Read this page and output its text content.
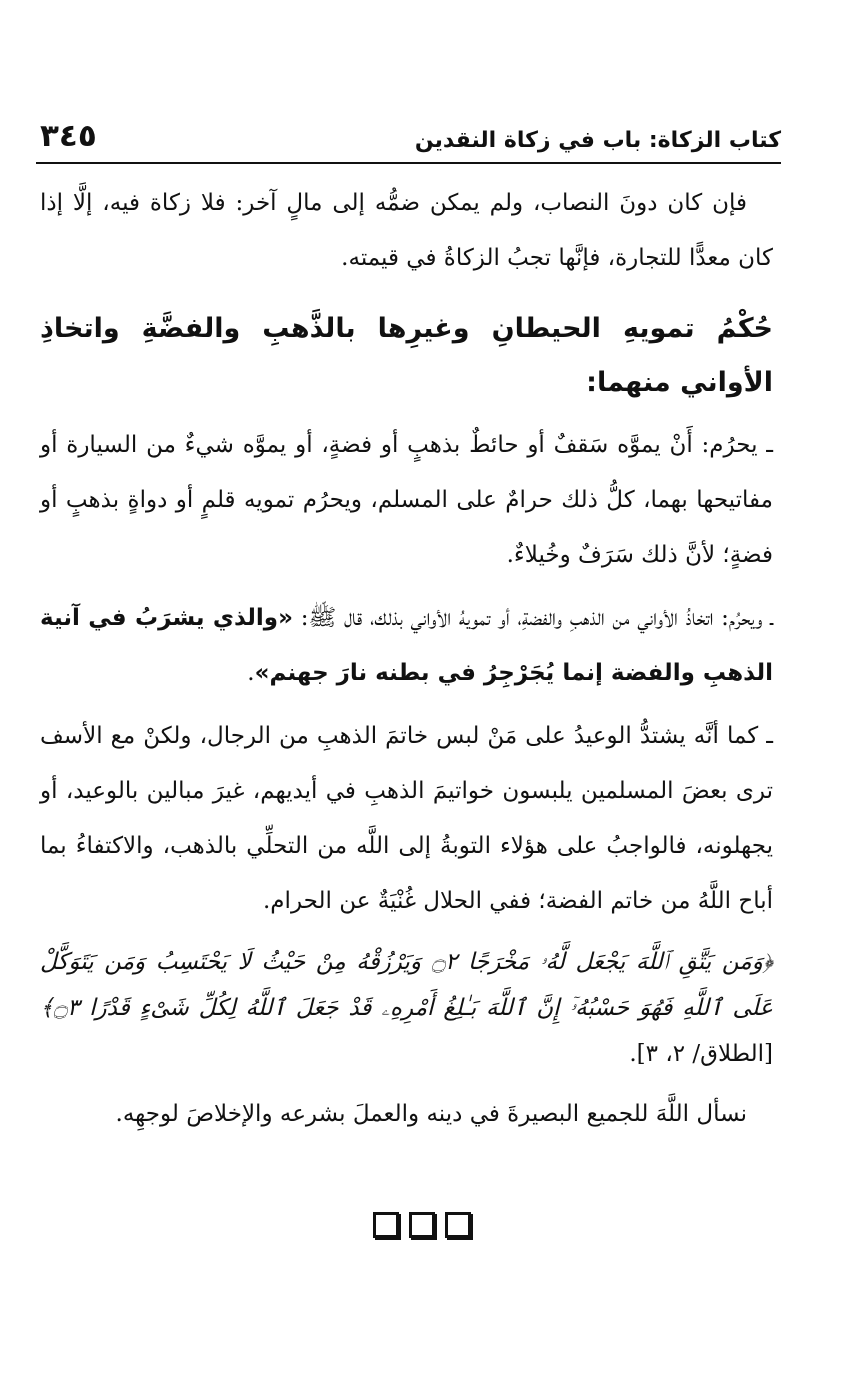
٣٤٥	كتاب الزكاة: باب في زكاة النقدين

فإن كان دونَ النصاب، ولم يمكن ضمُّه إلى مالٍ آخر: فلا زكاة فيه، إلَّا إذا كان معدًّا للتجارة، فإنَّها تجبُ الزكاةُ في قيمته.

حُكْمُ تمويهِ الحيطانِ وغيرِها بالذَّهبِ والفضَّةِ واتخاذِ الأواني منهما:

ـ يحرُم: أَنْ يموَّه سَقفٌ أو حائطٌ بذهبٍ أو فضةٍ، أو يموَّه شيءٌ من السيارة أو مفاتيحها بهما، كلُّ ذلك حرامٌ على المسلم، ويحرُم تمويه قلمٍ أو دواةٍ بذهبٍ أو فضةٍ؛ لأنَّ ذلك سَرَفٌ وخُيلاءٌ.

ـ ويحرُم: اتخاذُ الأواني من الذهبِ والفضةِ، أو تمويهُ الأواني بذلك، قال ﷺ: «والذي يشرَبُ في آنية الذهبِ والفضة إنما يُجَرْجِرُ في بطنه نارَ جهنم».

ـ كما أنَّه يشتدُّ الوعيدُ على مَنْ لبس خاتمَ الذهبِ من الرجال، ولكنْ مع الأسف ترى بعضَ المسلمين يلبسون خواتيمَ الذهبِ في أيديهم، غيرَ مبالين بالوعيد، أو يجهلونه، فالواجبُ على هؤلاء التوبةُ إلى اللَّه من التحلِّي بالذهب، والاكتفاءُ بما أباح اللَّهُ من خاتم الفضة؛ ففي الحلال غُنْيَةٌ عن الحرام.

﴿وَمَن يَتَّقِ ٱللَّهَ يَجْعَل لَّهُۥ مَخْرَجًا ۝٢ وَيَرْزُقْهُ مِنْ حَيْثُ لَا يَحْتَسِبُ وَمَن يَتَوَكَّلْ عَلَى ٱللَّهِ فَهُوَ حَسْبُهُۥٓ إِنَّ ٱللَّهَ بَـٰلِغُ أَمْرِهِۦ قَدْ جَعَلَ ٱللَّهُ لِكُلِّ شَىْءٍ قَدْرًا ۝٣﴾ [الطلاق/ ٢، ٣].

نسأل اللَّهَ للجميع البصيرةَ في دينه والعملَ بشرعه والإخلاصَ لوجهِه.
